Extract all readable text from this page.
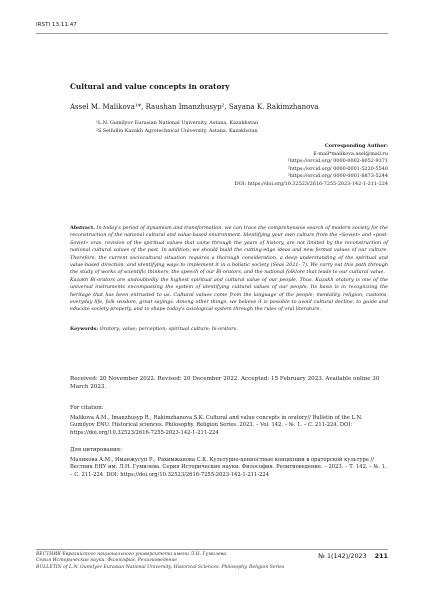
IRSTI 13.11.47
Cultural and value concepts in oratory
Assel M. Malikova¹*, Raushan Imanzhusyp², Sayana K. Rakimzhanova
¹L.N. Gumilyov Eurasian National University, Astana, Kazakhstan
²S.Seifullin Kazakh Agrotechnical University, Astana, Kazakhstan
Corresponding Author:
E-mail*malikova.asel@mail.ru
¹https://orcid.org/ 0000-0002-8052-9371
²https://orcid.org/ 0000-0001-5220-5540
³https://orcid.org/ 0000-0001-8873-5244
DOI: https://doi.org/10.32523/2616-7255-2023-142-1-211-224

Abstract. In today's period of dynamism and transformation, we can trace the comprehensive search of modern society for the reconstruction of the national cultural and value-based environment. Identifying your own culture from the «Soviet» and «post-Soviet» eras, revision of the spiritual values that came through the years of history, are not limited by the reconstruction of national cultural values of the past. In addition, we should build the cutting-edge ideas and new format values of our culture. Therefore, the current sociocultural situation requires a thorough consideration, a deep understanding of the spiritual and value-based direction, and identifying ways to implement it in a holistic society (Seas 2021: 7). We carry out this path through the study of works of scientific thinkers, the speech of our Bi-orators, and the national folklore that leads to our cultural value.

Kazakh Bi-orators are undoubtedly the highest spiritual and cultural value of our people. Thus, Kazakh oratory is one of the universal instruments encompassing the system of identifying cultural values of our people. Its basis is in recognizing the heritage that has been entrusted to us. Cultural values come from the language of the people, mentality, religion, customs, everyday life, folk wisdom, great sayings. Among other things, we believe it is possible to avoid cultural decline, to guide and educate society properly, and to shape today's axiological system through the rules of oral literature.

Keywords: Oratory; value; perception; spiritual culture; bi-orators.
Received: 20 November 2022. Revised: 20 December 2022. Accepted: 15 February 2023. Available online 30 March 2023.
For citation:
Malikova A.M., Imanzhusyp R., Rakimzhanova S.K. Cultural and value concepts in oratory// Bulletin of the L.N. Gumilyov ENU. Historical sciences. Philosophy. Religion Series. 2023. – Vol. 142. – №. 1. – C. 211-224. DOI: https://doi.org/10.32523/2616-7255-2023-142-1-211-224
Для цитирования:
Маликова А.М., Иманжусуп Р., Рахимжанова С.К. Культурно-ценностные концепции в ораторской культуре // Вестник ЕНУ им. Л.Н. Гумилева. Серия Исторические науки. Философия. Религиоведение. – 2023. – Т. 142. – №. 1. – С. 211-224. DOI: https://doi.org/10.32523/2616-7255-2023-142-1-211-224
ВЕСТНИК Евразийского национального университета имени Л.Н. Гумилева.
Серия Исторические науки. Философия. Религиоведение
BULLETIN of L.N. Gumilyov Eurasian National University. Historical Sciences. Philosophy. Religion Series
№ 1(142)/2023 211
